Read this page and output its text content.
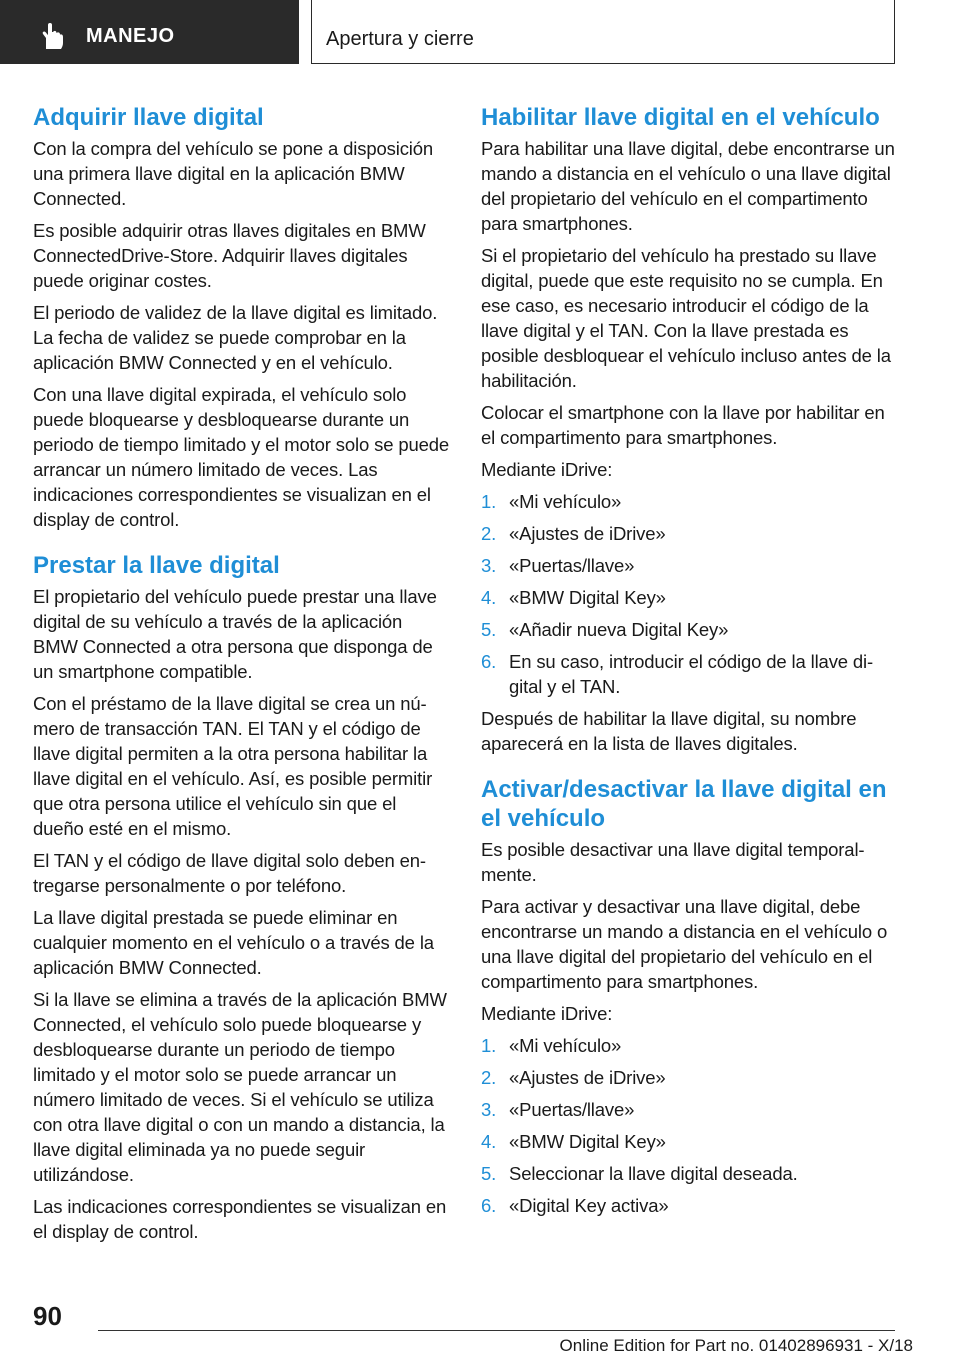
MANEJO	Apertura y cierre
Adquirir llave digital

Con la compra del vehículo se pone a disposición una primera llave digital en la aplicación BMW Connected.

Es posible adquirir otras llaves digitales en BMW ConnectedDrive-Store. Adquirir llaves digitales puede originar costes.

El periodo de validez de la llave digital es limitado. La fecha de validez se puede comprobar en la aplicación BMW Connected y en el vehículo.

Con una llave digital expirada, el vehículo solo puede bloquearse y desbloquearse durante un periodo de tiempo limitado y el motor solo se puede arrancar un número limitado de veces. Las indicaciones correspondientes se visualizan en el display de control.

Prestar la llave digital

El propietario del vehículo puede prestar una llave digital de su vehículo a través de la aplicación BMW Connected a otra persona que disponga de un smartphone compatible.

Con el préstamo de la llave digital se crea un número de transacción TAN. El TAN y el código de llave digital permiten a la otra persona habilitar la llave digital en el vehículo. Así, es posible permitir que otra persona utilice el vehículo sin que el dueño esté en el mismo.

El TAN y el código de llave digital solo deben entregarse personalmente o por teléfono.

La llave digital prestada se puede eliminar en cualquier momento en el vehículo o a través de la aplicación BMW Connected.

Si la llave se elimina a través de la aplicación BMW Connected, el vehículo solo puede bloquearse y desbloquearse durante un periodo de tiempo limitado y el motor solo se puede arrancar un número limitado de veces. Si el vehículo se utiliza con otra llave digital o con un mando a distancia, la llave digital eliminada ya no puede seguir utilizándose.

Las indicaciones correspondientes se visualizan en el display de control.

Habilitar llave digital en el vehículo

Para habilitar una llave digital, debe encontrarse un mando a distancia en el vehículo o una llave digital del propietario del vehículo en el compartimento para smartphones.

Si el propietario del vehículo ha prestado su llave digital, puede que este requisito no se cumpla. En ese caso, es necesario introducir el código de la llave digital y el TAN. Con la llave prestada es posible desbloquear el vehículo incluso antes de la habilitación.

Colocar el smartphone con la llave por habilitar en el compartimento para smartphones.

Mediante iDrive:

1. «Mi vehículo»
2. «Ajustes de iDrive»
3. «Puertas/llave»
4. «BMW Digital Key»
5. «Añadir nueva Digital Key»
6. En su caso, introducir el código de la llave digital y el TAN.

Después de habilitar la llave digital, su nombre aparecerá en la lista de llaves digitales.

Activar/desactivar la llave digital en el vehículo

Es posible desactivar una llave digital temporalmente.

Para activar y desactivar una llave digital, debe encontrarse un mando a distancia en el vehículo o una llave digital del propietario del vehículo en el compartimento para smartphones.

Mediante iDrive:

1. «Mi vehículo»
2. «Ajustes de iDrive»
3. «Puertas/llave»
4. «BMW Digital Key»
5. Seleccionar la llave digital deseada.
6. «Digital Key activa»
90
Online Edition for Part no. 01402896931 - X/18
